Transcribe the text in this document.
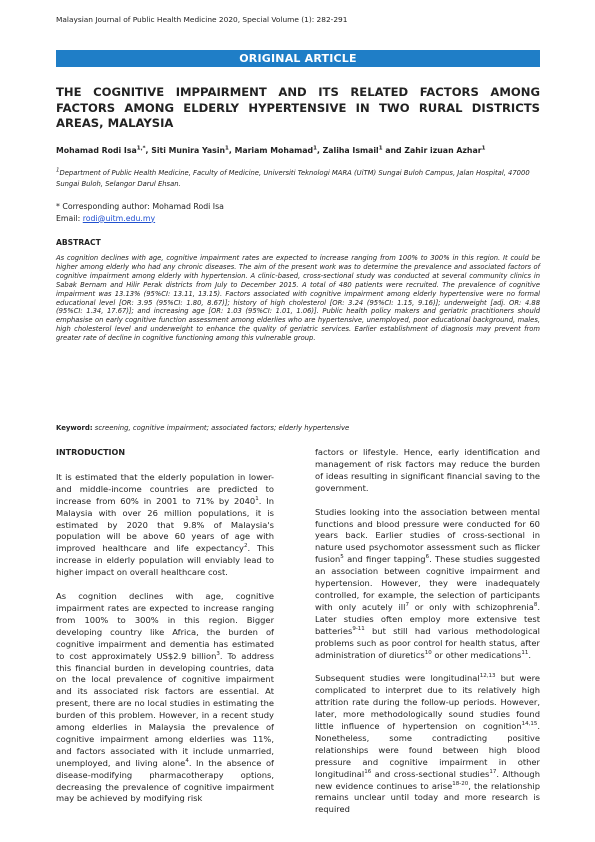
Malaysian Journal of Public Health Medicine 2020, Special Volume (1): 282-291
ORIGINAL ARTICLE
THE COGNITIVE IMPPAIRMENT AND ITS RELATED FACTORS AMONG FACTORS AMONG ELDERLY HYPERTENSIVE IN TWO RURAL DISTRICTS AREAS, MALAYSIA
Mohamad Rodi Isa$^{1,*}$, Siti Munira Yasin$^1$, Mariam Mohamad$^1$, Zaliha Ismail$^1$ and Zahir izuan Azhar$^1$
$^1$Department of Public Health Medicine, Faculty of Medicine, Universiti Teknologi MARA (UiTM) Sungai Buloh Campus, Jalan Hospital, 47000 Sungai Buloh, Selangor Darul Ehsan.
* Corresponding author: Mohamad Rodi Isa
Email: rodi@uitm.edu.my
ABSTRACT
As cognition declines with age, cognitive impairment rates are expected to increase ranging from 100% to 300% in this region. It could be higher among elderly who had any chronic diseases. The aim of the present work was to determine the prevalence and associated factors of cognitive impairment among elderly with hypertension. A clinic-based, cross-sectional study was conducted at several community clinics in Sabak Bernam and Hilir Perak districts from July to December 2015. A total of 480 patients were recruited. The prevalence of cognitive impairment was 13.13% (95%CI: 13.11, 13.15). Factors associated with cognitive impairment among elderly hypertensive were no formal educational level [OR: 3.95 (95%CI: 1.80, 8.67)]; history of high cholesterol [OR: 3.24 (95%CI: 1.15, 9.16)]; underweight [adj. OR: 4.88 (95%CI: 1.34, 17.67)]; and increasing age [OR: 1.03 (95%CI: 1.01, 1.06)]. Public health policy makers and geriatric practitioners should emphasise on early cognitive function assessment among elderlies who are hypertensive, unemployed, poor educational background, males, high cholesterol level and underweight to enhance the quality of geriatric services. Earlier establishment of diagnosis may prevent from greater rate of decline in cognitive functioning among this vulnerable group.
Keyword: screening, cognitive impairment; associated factors; elderly hypertensive
INTRODUCTION

It is estimated that the elderly population in lower- and middle-income countries are predicted to increase from 60% in 2001 to 71% by 2040$^1$. In Malaysia with over 26 million populations, it is estimated by 2020 that 9.8% of Malaysia's population will be above 60 years of age with improved healthcare and life expectancy$^2$. This increase in elderly population will enviably lead to higher impact on overall healthcare cost.

As cognition declines with age, cognitive impairment rates are expected to increase ranging from 100% to 300% in this region. Bigger developing country like Africa, the burden of cognitive impairment and dementia has estimated to cost approximately US$2.9 billion$^3$. To address this financial burden in developing countries, data on the local prevalence of cognitive impairment and its associated risk factors are essential. At present, there are no local studies in estimating the burden of this problem. However, in a recent study among elderlies in Malaysia the prevalence of cognitive impairment among elderlies was 11%, and factors associated with it include unmarried, unemployed, and living alone$^4$. In the absence of disease-modifying pharmacotherapy options, decreasing the prevalence of cognitive impairment may be achieved by modifying risk

factors or lifestyle. Hence, early identification and management of risk factors may reduce the burden of ideas resulting in significant financial saving to the government.

Studies looking into the association between mental functions and blood pressure were conducted for 60 years back. Earlier studies of cross-sectional in nature used psychomotor assessment such as flicker fusion$^5$ and finger tapping$^6$. These studies suggested an association between cognitive impairment and hypertension. However, they were inadequately controlled, for example, the selection of participants with only acutely ill$^7$ or only with schizophrenia$^8$. Later studies often employ more extensive test batteries$^{9-11}$ but still had various methodological problems such as poor control for health status, after administration of diuretics$^{10}$ or other medications$^{11}$.

Subsequent studies were longitudinal$^{12,13}$ but were complicated to interpret due to its relatively high attrition rate during the follow-up periods. However, later, more methodologically sound studies found little influence of hypertension on cognition$^{14,15}$. Nonetheless, some contradicting positive relationships were found between high blood pressure and cognitive impairment in other longitudinal$^{16}$ and cross-sectional studies$^{17}$. Although new evidence continues to arise$^{18-20}$, the relationship remains unclear until today and more research is required
